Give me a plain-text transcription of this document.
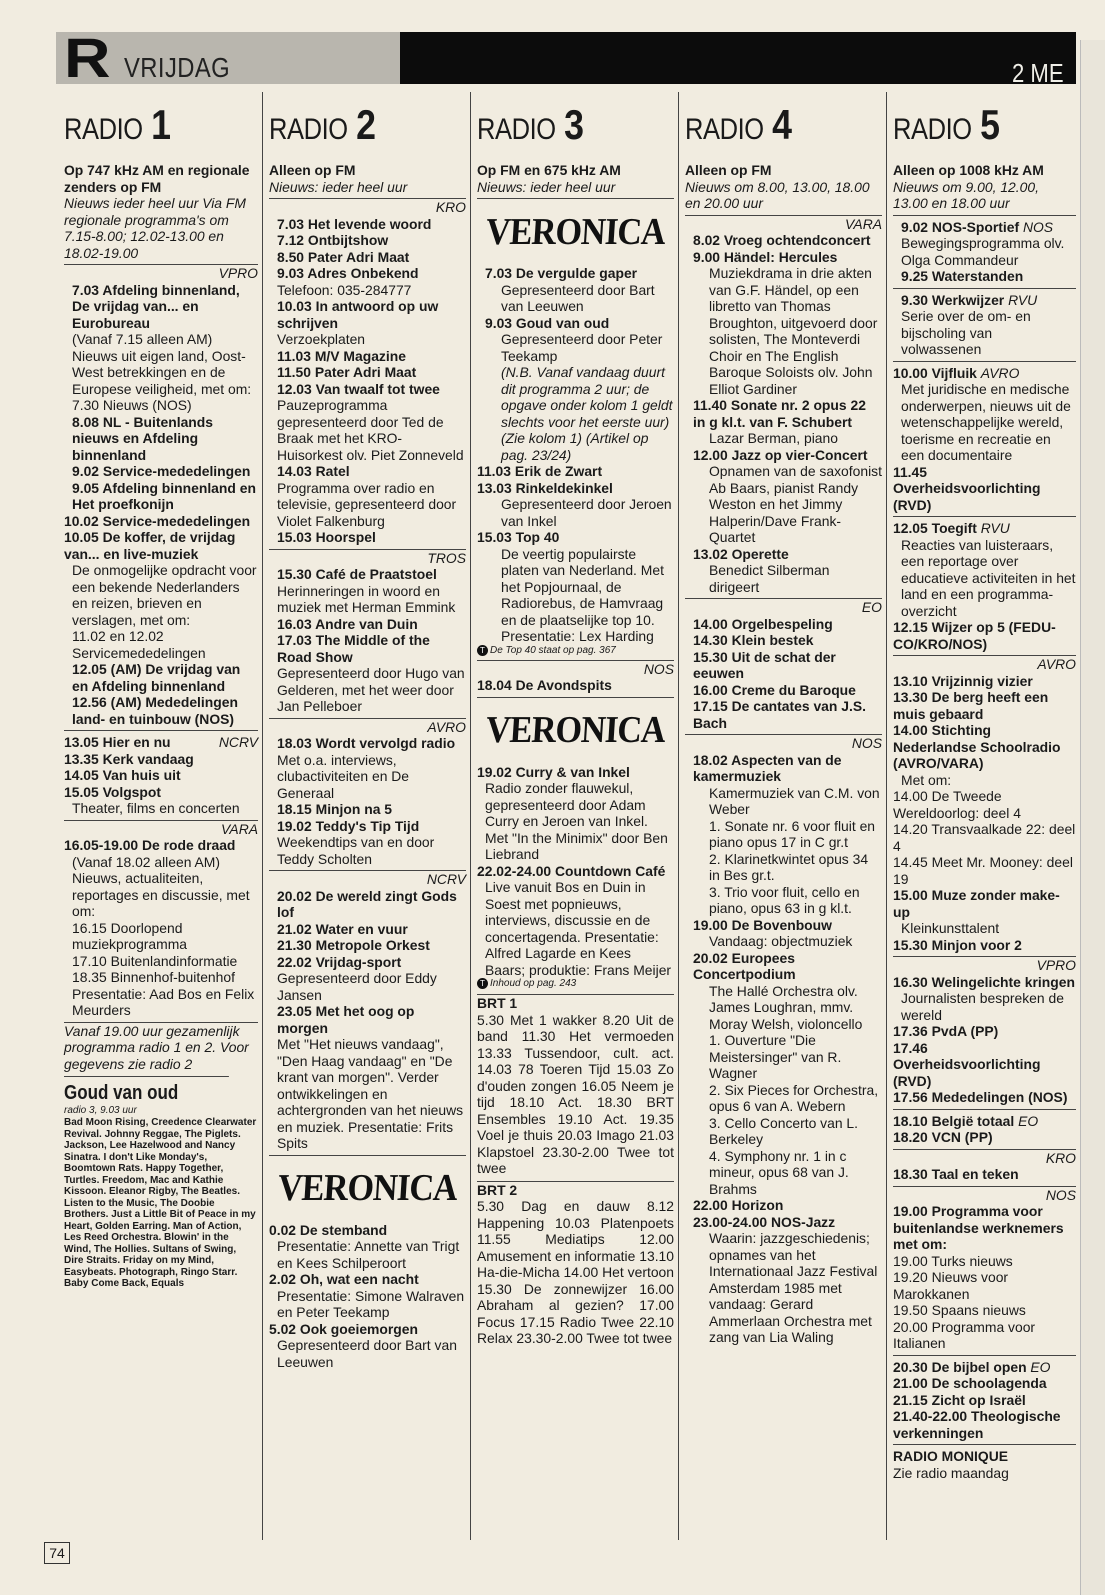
R VRIJDAG	2 ME
RADIO 1
Op 747 kHz AM en regionale zenders op FM
Nieuws ieder heel uur Via FM regionale programma's om 7.15-8.00; 12.02-13.00 en 18.02-19.00
VPRO
7.03 Afdeling binnenland, De vrijdag van... en Eurobureau
(Vanaf 7.15 alleen AM) Nieuws uit eigen land, Oost-West betrekkingen en de Europese veiligheid, met om:
7.30 Nieuws (NOS)
8.08 NL - Buitenlands nieuws en Afdeling binnenland
9.02 Service-mededelingen
9.05 Afdeling binnenland en Het proefkonijn
10.02 Service-mededelingen
10.05 De koffer, de vrijdag van... en live-muziek
De onmogelijke opdracht voor een bekende Nederlanders en reizen, brieven en verslagen, met om:
11.02 en 12.02 Servicemededelingen
12.05 (AM) De vrijdag van en Afdeling binnenland
12.56 (AM) Mededelingen land- en tuinbouw (NOS)
13.05 Hier en nu	NCRV
13.35 Kerk vandaag
14.05 Van huis uit
15.05 Volgspot
Theater, films en concerten
VARA
16.05-19.00 De rode draad
(Vanaf 18.02 alleen AM) Nieuws, actualiteiten, reportages en discussie, met om:
16.15 Doorlopend muziekprogramma
17.10 Buitenlandinformatie
18.35 Binnenhof-buitenhof
Presentatie: Aad Bos en Felix Meurders
Vanaf 19.00 uur gezamenlijk programma radio 1 en 2. Voor gegevens zie radio 2
Goud van oud
radio 3, 9.03 uur
Bad Moon Rising, Creedence Clearwater Revival. Johnny Reggae, The Piglets. Jackson, Lee Hazelwood and Nancy Sinatra. I don't Like Monday's, Boomtown Rats. Happy Together, Turtles. Freedom, Mac and Kathie Kissoon. Eleanor Rigby, The Beatles. Listen to the Music, The Doobie Brothers. Just a Little Bit of Peace in my Heart, Golden Earring. Man of Action, Les Reed Orchestra. Blowin' in the Wind, The Hollies. Sultans of Swing, Dire Straits. Friday on my Mind, Easybeats. Photograph, Ringo Starr. Baby Come Back, Equals
RADIO 2
Alleen op FM
Nieuws: ieder heel uur
KRO
7.03 Het levende woord
7.12 Ontbijtshow
8.50 Pater Adri Maat
9.03 Adres Onbekend
Telefoon: 035-284777
10.03 In antwoord op uw schrijven
Verzoekplaten
11.03 M/V Magazine
11.50 Pater Adri Maat
12.03 Van twaalf tot twee
Pauzeprogramma gepresenteerd door Ted de Braak met het KRO-Huisorkest olv. Piet Zonneveld
14.03 Ratel
Programma over radio en televisie, gepresenteerd door Violet Falkenburg
15.03 Hoorspel
TROS
15.30 Café de Praatstoel
Herinneringen in woord en muziek met Herman Emmink
16.03 Andre van Duin
17.03 The Middle of the Road Show
Gepresenteerd door Hugo van Gelderen, met het weer door Jan Pelleboer
AVRO
18.03 Wordt vervolgd radio
Met o.a. interviews, clubactiviteiten en De Generaal
18.15 Minjon na 5
19.02 Teddy's Tip Tijd
Weekendtips van en door Teddy Scholten
NCRV
20.02 De wereld zingt Gods lof
21.02 Water en vuur
21.30 Metropole Orkest
22.02 Vrijdag-sport
Gepresenteerd door Eddy Jansen
23.05 Met het oog op morgen
Met "Het nieuws vandaag", "Den Haag vandaag" en "De krant van morgen". Verder ontwikkelingen en achtergronden van het nieuws en muziek. Presentatie: Frits Spits
VERONICA
0.02 De stemband
Presentatie: Annette van Trigt en Kees Schilperoort
2.02 Oh, wat een nacht
Presentatie: Simone Walraven en Peter Teekamp
5.02 Ook goeiemorgen
Gepresenteerd door Bart van Leeuwen
RADIO 3
Op FM en 675 kHz AM
Nieuws: ieder heel uur
VERONICA
7.03 De vergulde gaper
Gepresenteerd door Bart van Leeuwen
9.03 Goud van oud
Gepresenteerd door Peter Teekamp
(N.B. Vanaf vandaag duurt dit programma 2 uur; de opgave onder kolom 1 geldt slechts voor het eerste uur) (Zie kolom 1) (Artikel op pag. 23/24)
11.03 Erik de Zwart
13.03 Rinkeldekinkel
Gepresenteerd door Jeroen van Inkel
15.03 Top 40
De veertig populairste platen van Nederland. Met het Popjournaal, de Radiorebus, de Hamvraag en de plaatselijke top 10. Presentatie: Lex Harding
T De Top 40 staat op pag. 367
NOS
18.04 De Avondspits
VERONICA
19.02 Curry & van Inkel
Radio zonder flauwekul, gepresenteerd door Adam Curry en Jeroen van Inkel. Met "In the Minimix" door Ben Liebrand
22.02-24.00 Countdown Café
Live vanuit Bos en Duin in Soest met popnieuws, interviews, discussie en de concertagenda. Presentatie: Alfred Lagarde en Kees Baars; produktie: Frans Meijer
T Inhoud op pag. 243
BRT 1
5.30 Met 1 wakker 8.20 Uit de band 11.30 Het vermoeden 13.33 Tussendoor, cult. act. 14.03 78 Toeren Tijd 15.03 Zo d'ouden zongen 16.05 Neem je tijd 18.10 Act. 18.30 BRT Ensembles 19.10 Act. 19.35 Voel je thuis 20.03 Imago 21.03 Klapstoel 23.30-2.00 Twee tot twee
BRT 2
5.30 Dag en dauw 8.12 Happening 10.03 Platenpoets 11.55 Mediatips 12.00 Amusement en informatie 13.10 Ha-die-Micha 14.00 Het vertoon 15.30 De zonnewijzer 16.00 Abraham al gezien? 17.00 Focus 17.15 Radio Twee 22.10 Relax 23.30-2.00 Twee tot twee
RADIO 4
Alleen op FM
Nieuws om 8.00, 13.00, 18.00 en 20.00 uur
VARA
8.02 Vroeg ochtendconcert
9.00 Händel: Hercules
Muziekdrama in drie akten van G.F. Händel, op een libretto van Thomas Broughton, uitgevoerd door solisten, The Monteverdi Choir en The English Baroque Soloists olv. John Elliot Gardiner
11.40 Sonate nr. 2 opus 22 in g kl.t. van F. Schubert
Lazar Berman, piano
12.00 Jazz op vier-Concert
Opnamen van de saxofonist Ab Baars, pianist Randy Weston en het Jimmy Halperin/Dave Frank-Quartet
13.02 Operette
Benedict Silberman dirigeert
EO
14.00 Orgelbespeling
14.30 Klein bestek
15.30 Uit de schat der eeuwen
16.00 Creme du Baroque
17.15 De cantates van J.S. Bach
NOS
18.02 Aspecten van de kamermuziek
Kamermuziek van C.M. von Weber
1. Sonate nr. 6 voor fluit en piano opus 17 in C gr.t
2. Klarinetkwintet opus 34 in Bes gr.t.
3. Trio voor fluit, cello en piano, opus 63 in g kl.t.
19.00 De Bovenbouw
Vandaag: objectmuziek
20.02 Europees Concertpodium
The Hallé Orchestra olv. James Loughran, mmv. Moray Welsh, violoncello
1. Ouverture "Die Meistersinger" van R. Wagner
2. Six Pieces for Orchestra, opus 6 van A. Webern
3. Cello Concerto van L. Berkeley
4. Symphony nr. 1 in c mineur, opus 68 van J. Brahms
22.00 Horizon
23.00-24.00 NOS-Jazz
Waarin: jazzgeschiedenis; opnames van het Internationaal Jazz Festival Amsterdam 1985 met vandaag: Gerard Ammerlaan Orchestra met zang van Lia Waling
RADIO 5
Alleen op 1008 kHz AM
Nieuws om 9.00, 12.00, 13.00 en 18.00 uur
9.02 NOS-Sportief NOS
Bewegingsprogramma olv. Olga Commandeur
9.25 Waterstanden
9.30 Werkwijzer RVU
Serie over de om- en bijscholing van volwassenen
10.00 Vijfluik AVRO
Met juridische en medische onderwerpen, nieuws uit de wetenschappelijke wereld, toerisme en recreatie en een documentaire
11.45 Overheidsvoorlichting (RVD)
12.05 Toegift RVU
Reacties van luisteraars, een reportage over educatieve activiteiten in het land en een programma-overzicht
12.15 Wijzer op 5 (FEDU-CO/KRO/NOS)
AVRO
13.10 Vrijzinnig vizier
13.30 De berg heeft een muis gebaard
14.00 Stichting Nederlandse Schoolradio (AVRO/VARA)
Met om:
14.00 De Tweede Wereldoorlog: deel 4
14.20 Transvaalkade 22: deel 4
14.45 Meet Mr. Mooney: deel 19
15.00 Muze zonder make-up
Kleinkunsttalent
15.30 Minjon voor 2
VPRO
16.30 Welingelichte kringen
Journalisten bespreken de wereld
17.36 PvdA (PP)
17.46 Overheidsvoorlichting (RVD)
17.56 Mededelingen (NOS)
18.10 België totaal EO
18.20 VCN (PP)
KRO
18.30 Taal en teken
NOS
19.00 Programma voor buitenlandse werknemers met om:
19.00 Turks nieuws
19.20 Nieuws voor Marokkanen
19.50 Spaans nieuws
20.00 Programma voor Italianen
20.30 De bijbel open EO
21.00 De schoolagenda
21.15 Zicht op Israël
21.40-22.00 Theologische verkenningen
RADIO MONIQUE
Zie radio maandag
74
